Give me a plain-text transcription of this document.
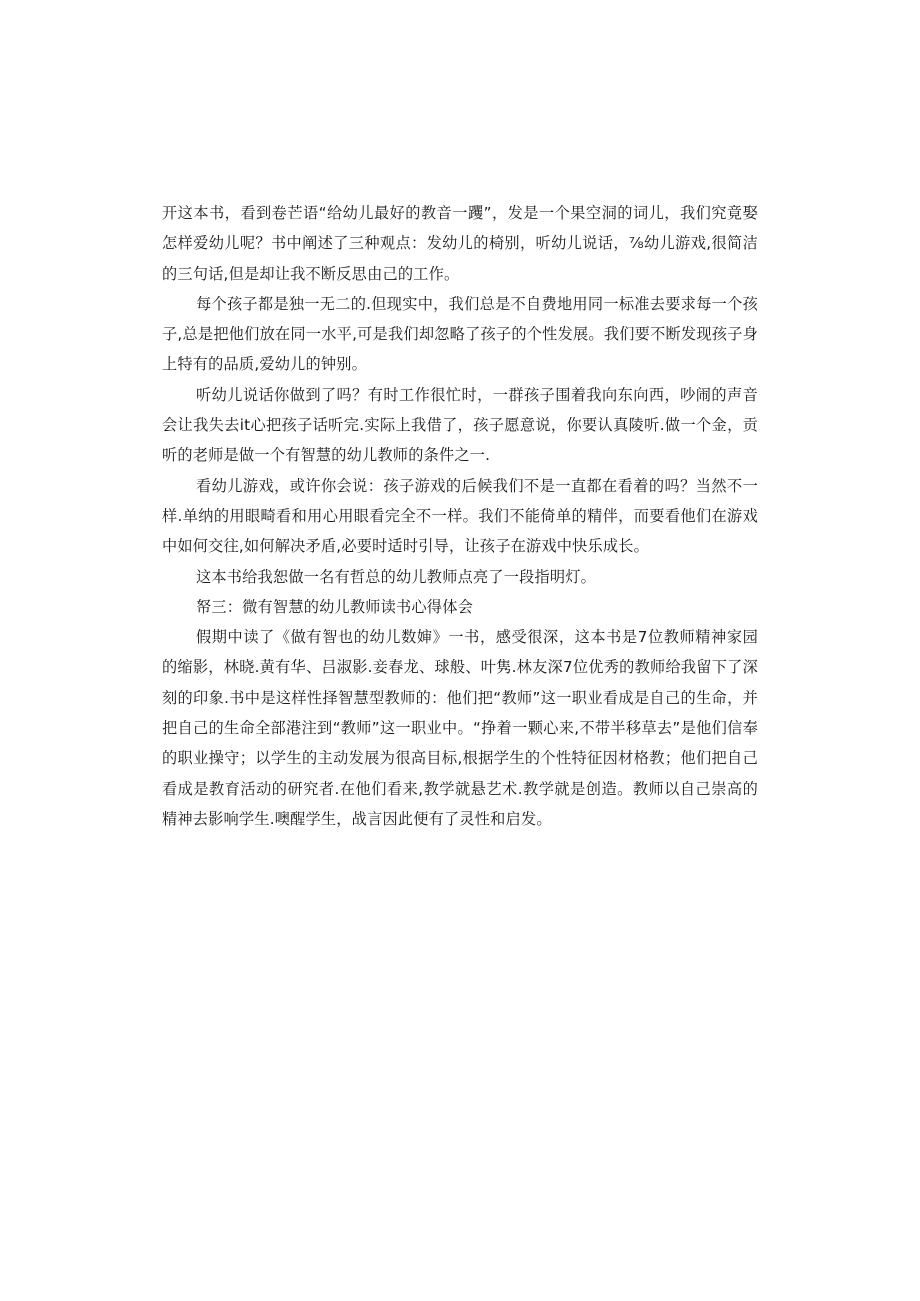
开这本书，看到卷芒语“给幼儿最好的教音一躩”，发是一个果空洞的词儿，我们究竟娶怎样爱幼儿呢？书中阐述了三种观点：发幼儿的椅别，听幼儿说话，⅞幼儿游戏,很简洁的三句话,但是却让我不断反思由己的工作。

每个孩子都是独一无二的.但现实中，我们总是不自费地用同一标准去要求每一个孩子,总是把他们放在同一水平,可是我们却忽略了孩子的个性发展。我们要不断发现孩子身上特有的品质,爱幼儿的钟别。

听幼儿说话你做到了吗？有时工作很忙时，一群孩子围着我向东向西，吵闹的声音会让我失去it心把孩子话听完.实际上我借了，孩子愿意说，你要认真陵听.做一个金，贡听的老师是做一个有智慧的幼儿教师的条件之一.

看幼儿游戏，或许你会说：孩子游戏的后候我们不是一直都在看着的吗？当然不一样.单纳的用眼畸看和用心用眼看完全不一样。我们不能倚单的精伴，而要看他们在游戏中如何交往,如何解决矛盾,必要时适时引导，让孩子在游戏中快乐成长。

这本书给我恕做一名有哲总的幼儿教师点亮了一段指明灯。

帑三：微有智慧的幼儿教师读书心得体会

假期中读了《做有智也的幼儿数婶》一书，感受很深，这本书是7位教师精神家园的缩影，林晓.黄有华、吕淑影.妾春龙、球般、叶隽.林友深7位优秀的教师给我留下了深刻的印象.书中是这样性择智慧型教师的：他们把“教师”这一职业看成是自己的生命，并把自己的生命全部港注到“教师”这一职业中。“挣着一颗心来,不带半移草去”是他们信奉的职业操守；以学生的主动发展为很高目标,根据学生的个性特征因材格教；他们把自己看成是教育活动的研究者.在他们看来,教学就悬艺术.教学就是创造。教师以自己崇高的精神去影响学生.噢醒学生，战言因此便有了灵性和启发。
